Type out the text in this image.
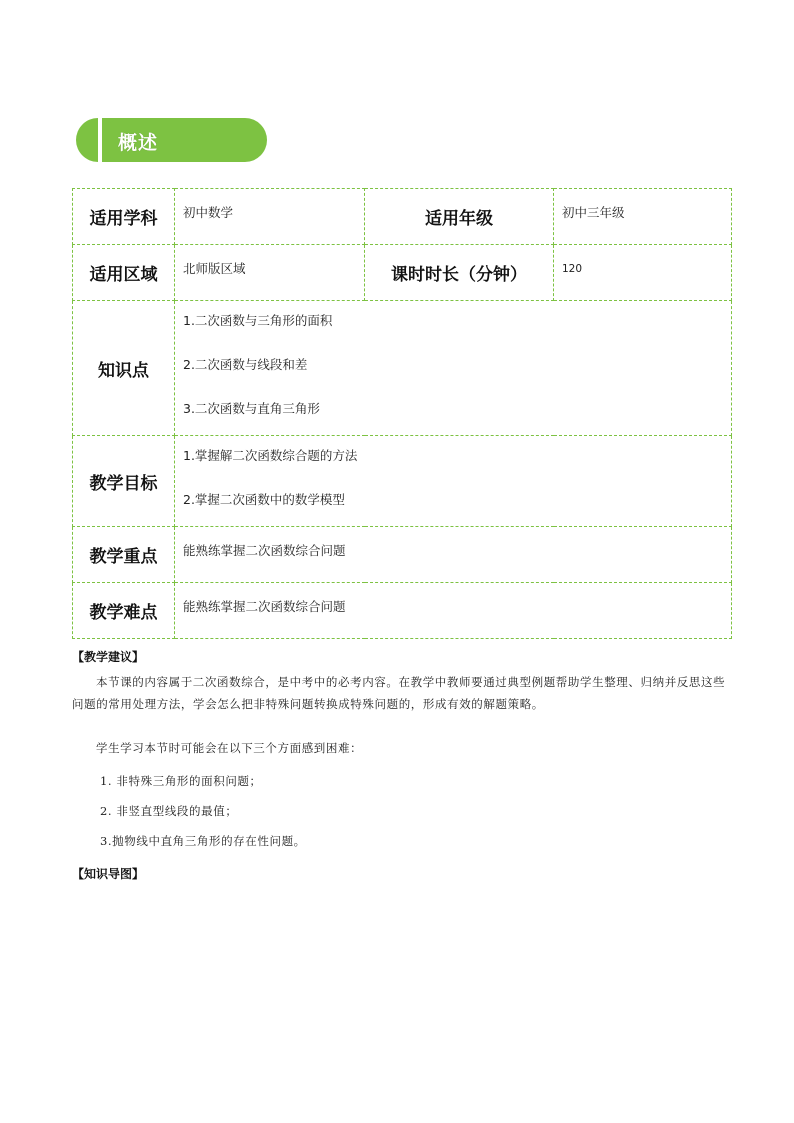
概述
适用学科	初中数学	适用年级	初中三年级
适用区域	北师版区域	课时时长（分钟）	120
知识点	1.二次函数与三角形的面积
2.二次函数与线段和差
3.二次函数与直角三角形		

教学目标	1.掌握解二次函数综合题的方法
2.掌握二次函数中的数学模型		

教学重点	能熟练掌握二次函数综合问题		
教学难点	能熟练掌握二次函数综合问题		
【教学建议】

本节课的内容属于二次函数综合，是中考中的必考内容。在教学中教师要通过典型例题帮助学生整理、归纳并反思这些问题的常用处理方法，学会怎么把非特殊问题转换成特殊问题的，形成有效的解题策略。

学生学习本节时可能会在以下三个方面感到困难：

1. 非特殊三角形的面积问题；
2. 非竖直型线段的最值；
3.抛物线中直角三角形的存在性问题。
【知识导图】
